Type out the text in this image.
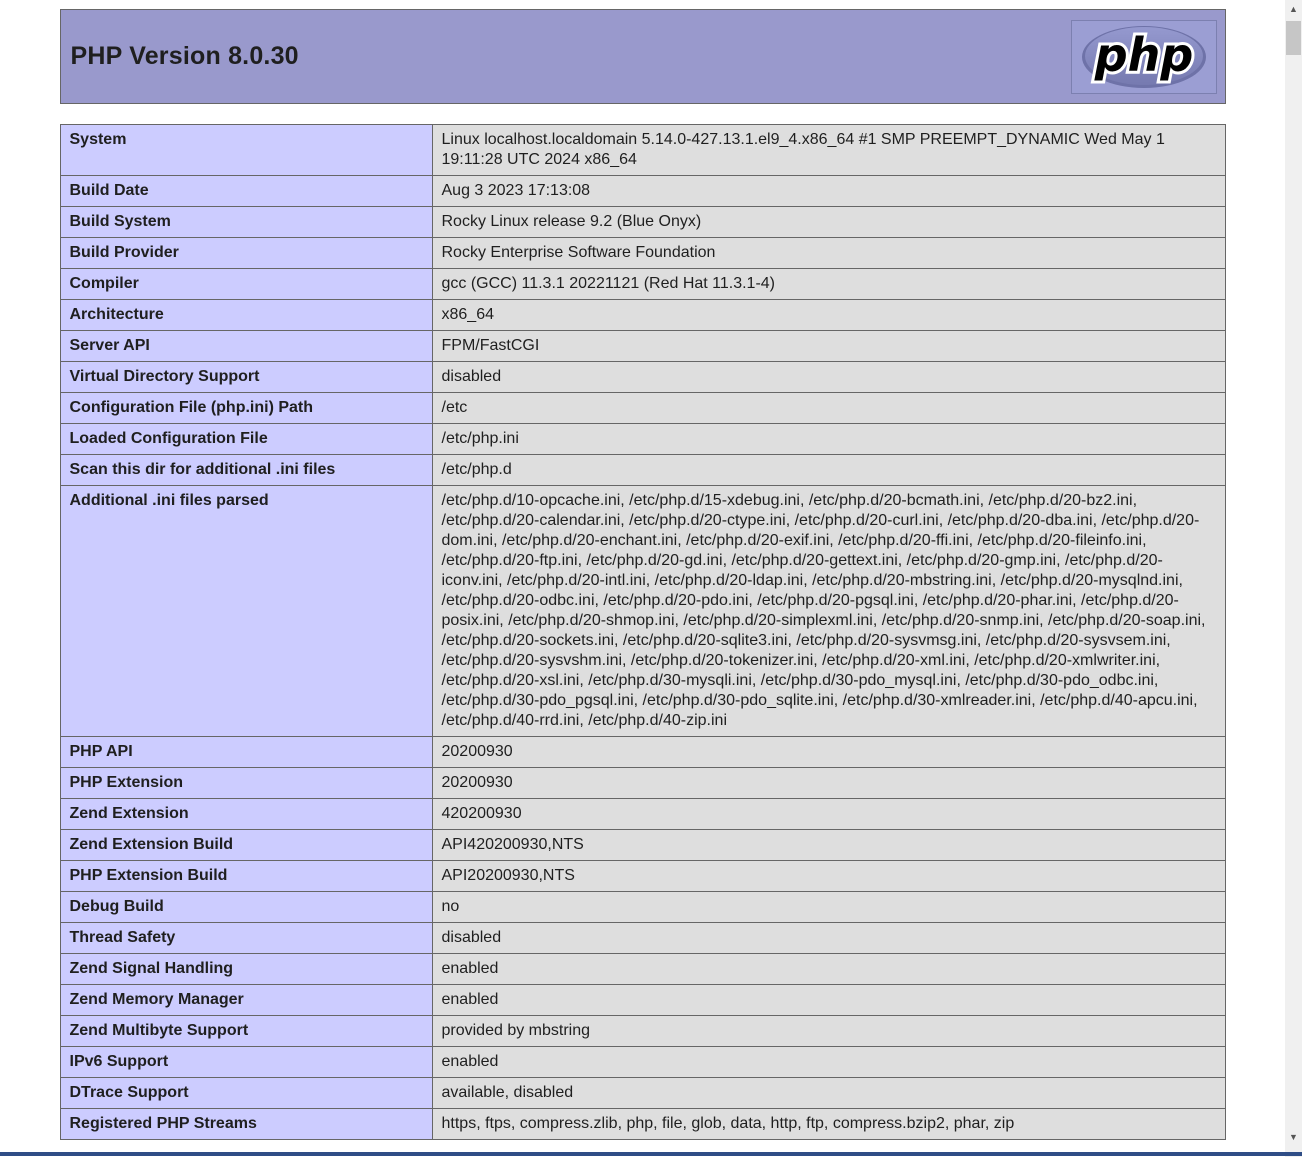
PHP Version 8.0.30	php
System	Linux localhost.localdomain 5.14.0-427.13.1.el9_4.x86_64 #1 SMP PREEMPT_DYNAMIC Wed May 1 19:11:28 UTC 2024 x86_64
Build Date	Aug 3 2023 17:13:08
Build System	Rocky Linux release 9.2 (Blue Onyx)
Build Provider	Rocky Enterprise Software Foundation
Compiler	gcc (GCC) 11.3.1 20221121 (Red Hat 11.3.1-4)
Architecture	x86_64
Server API	FPM/FastCGI
Virtual Directory Support	disabled
Configuration File (php.ini) Path	/etc
Loaded Configuration File	/etc/php.ini
Scan this dir for additional .ini files	/etc/php.d
Additional .ini files parsed	/etc/php.d/10-opcache.ini, /etc/php.d/15-xdebug.ini, /etc/php.d/20-bcmath.ini, /etc/php.d/20-bz2.ini, /etc/php.d/20-calendar.ini, /etc/php.d/20-ctype.ini, /etc/php.d/20-curl.ini, /etc/php.d/20-dba.ini, /etc/php.d/20-dom.ini, /etc/php.d/20-enchant.ini, /etc/php.d/20-exif.ini, /etc/php.d/20-ffi.ini, /etc/php.d/20-fileinfo.ini, /etc/php.d/20-ftp.ini, /etc/php.d/20-gd.ini, /etc/php.d/20-gettext.ini, /etc/php.d/20-gmp.ini, /etc/php.d/20-iconv.ini, /etc/php.d/20-intl.ini, /etc/php.d/20-ldap.ini, /etc/php.d/20-mbstring.ini, /etc/php.d/20-mysqlnd.ini, /etc/php.d/20-odbc.ini, /etc/php.d/20-pdo.ini, /etc/php.d/20-pgsql.ini, /etc/php.d/20-phar.ini, /etc/php.d/20-posix.ini, /etc/php.d/20-shmop.ini, /etc/php.d/20-simplexml.ini, /etc/php.d/20-snmp.ini, /etc/php.d/20-soap.ini, /etc/php.d/20-sockets.ini, /etc/php.d/20-sqlite3.ini, /etc/php.d/20-sysvmsg.ini, /etc/php.d/20-sysvsem.ini, /etc/php.d/20-sysvshm.ini, /etc/php.d/20-tokenizer.ini, /etc/php.d/20-xml.ini, /etc/php.d/20-xmlwriter.ini, /etc/php.d/20-xsl.ini, /etc/php.d/30-mysqli.ini, /etc/php.d/30-pdo_mysql.ini, /etc/php.d/30-pdo_odbc.ini, /etc/php.d/30-pdo_pgsql.ini, /etc/php.d/30-pdo_sqlite.ini, /etc/php.d/30-xmlreader.ini, /etc/php.d/40-apcu.ini, /etc/php.d/40-rrd.ini, /etc/php.d/40-zip.ini
PHP API	20200930
PHP Extension	20200930
Zend Extension	420200930
Zend Extension Build	API420200930,NTS
PHP Extension Build	API20200930,NTS
Debug Build	no
Thread Safety	disabled
Zend Signal Handling	enabled
Zend Memory Manager	enabled
Zend Multibyte Support	provided by mbstring
IPv6 Support	enabled
DTrace Support	available, disabled
Registered PHP Streams	https, ftps, compress.zlib, php, file, glob, data, http, ftp, compress.bzip2, phar, zip
▲
▼
